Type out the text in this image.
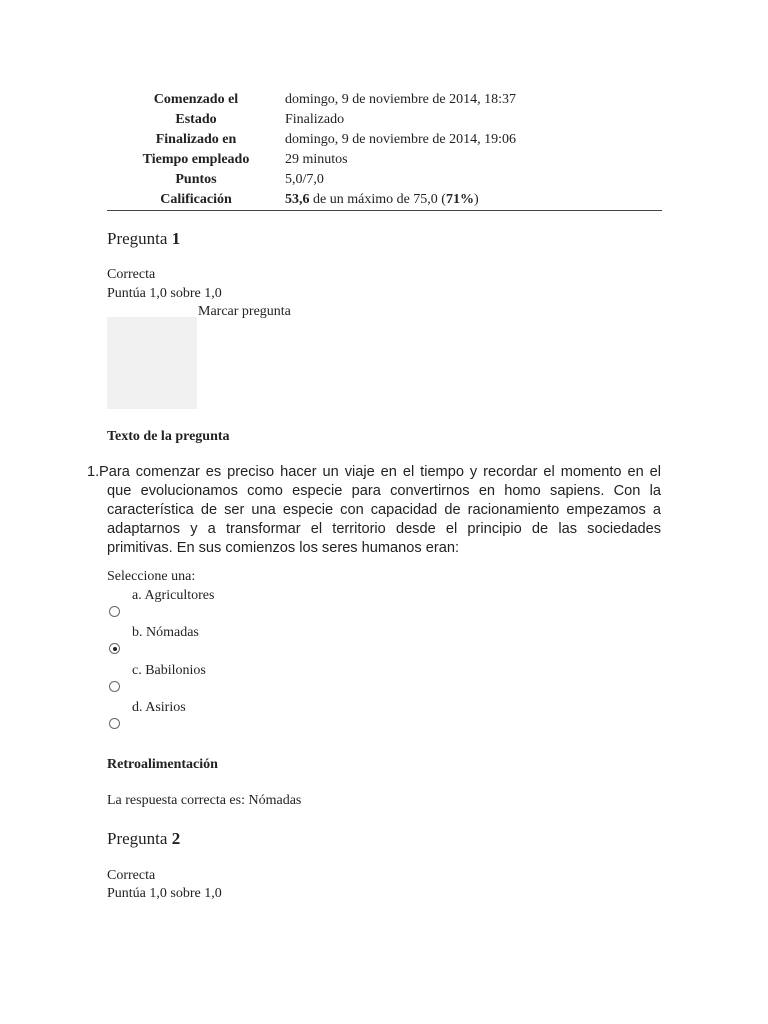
Comenzado el	domingo, 9 de noviembre de 2014, 18:37
Estado	Finalizado
Finalizado en	domingo, 9 de noviembre de 2014, 19:06
Tiempo empleado	29 minutos
Puntos	5,0/7,0
Calificación	53,6 de un máximo de 75,0 (71%)
Pregunta 1
Correcta
Puntúa 1,0 sobre 1,0
Marcar pregunta
Texto de la pregunta
1. Para comenzar es preciso hacer un viaje en el tiempo y recordar el momento en el que evolucionamos como especie para convertirnos en homo sapiens. Con la característica de ser una especie con capacidad de racionamiento empezamos a adaptarnos y a transformar el territorio desde el principio de las sociedades primitivas. En sus comienzos los seres humanos eran:
Seleccione una:
a. Agricultores
b. Nómadas
c. Babilonios
d. Asirios
Retroalimentación
La respuesta correcta es: Nómadas
Pregunta 2
Correcta
Puntúa 1,0 sobre 1,0
